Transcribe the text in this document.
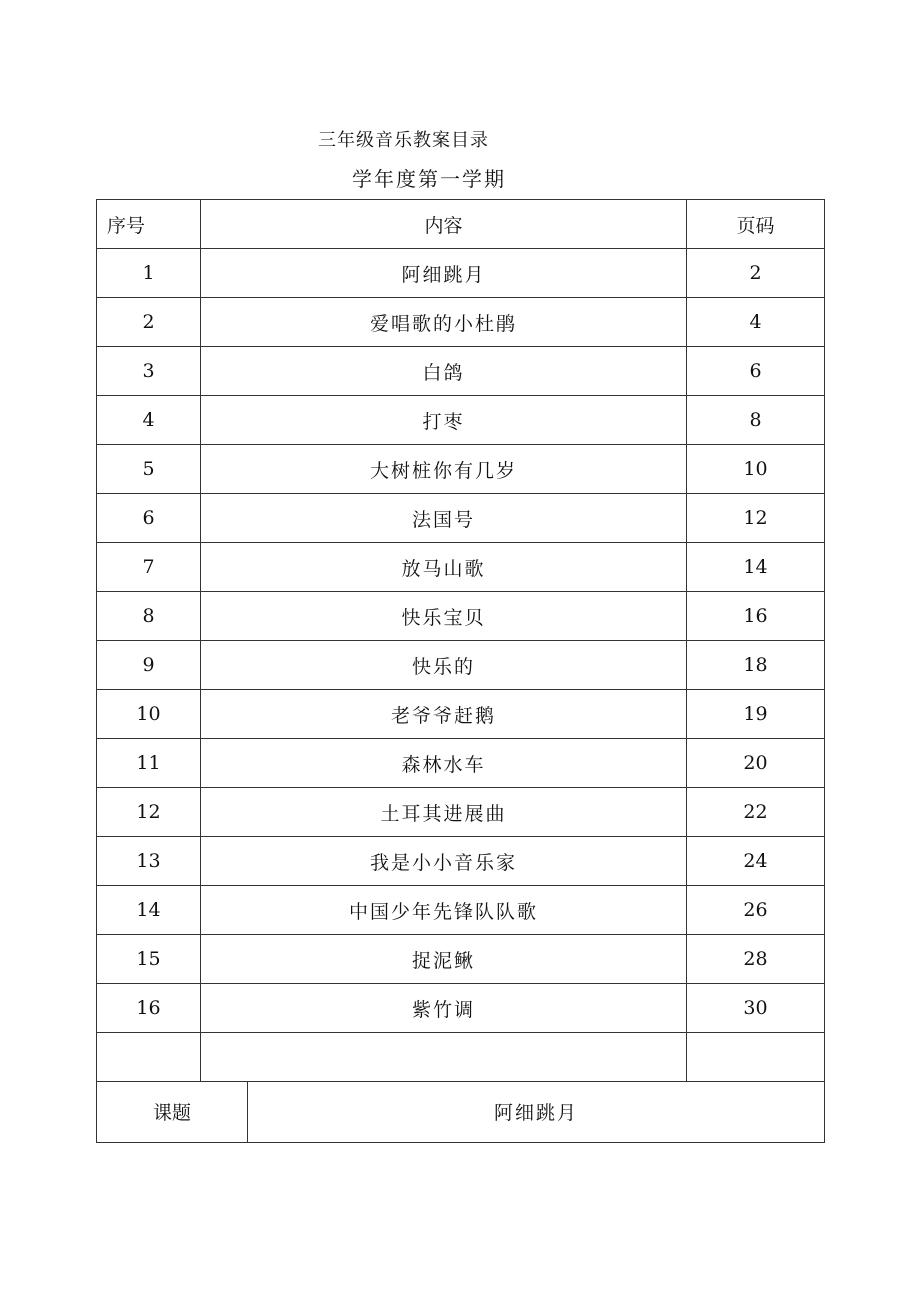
三年级音乐教案目录
学年度第一学期
序号	内容	页码
1	阿细跳月	2
2	爱唱歌的小杜鹃	4
3	白鸽	6
4	打枣	8
5	大树桩你有几岁	10
6	法国号	12
7	放马山歌	14
8	快乐宝贝	16
9	快乐的	18
10	老爷爷赶鹅	19
11	森林水车	20
12	土耳其进展曲	22
13	我是小小音乐家	24
14	中国少年先锋队队歌	26
15	捉泥鳅	28
16	紫竹调	30

课题	阿细跳月
